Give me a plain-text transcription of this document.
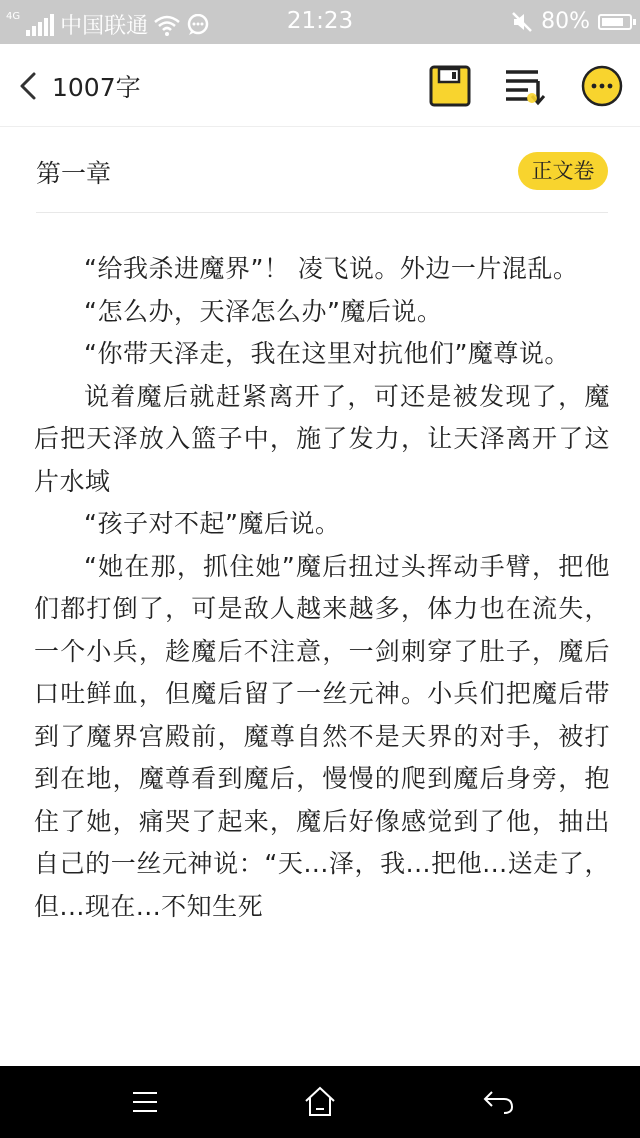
4G 中国联通	21:23	80%
1007字
第一章	正文卷

“给我杀进魔界”！ 凌飞说。外边一片混乱。

“怎么办，天泽怎么办”魔后说。

“你带天泽走，我在这里对抗他们”魔尊说。

说着魔后就赶紧离开了，可还是被发现了，魔后把天泽放入篮子中，施了发力，让天泽离开了这片水域

“孩子对不起”魔后说。

“她在那，抓住她”魔后扭过头挥动手臂，把他们都打倒了，可是敌人越来越多，体力也在流失，一个小兵，趁魔后不注意，一剑刺穿了肚子，魔后口吐鲜血，但魔后留了一丝元神。小兵们把魔后带到了魔界宫殿前，魔尊自然不是天界的对手，被打到在地，魔尊看到魔后，慢慢的爬到魔后身旁，抱住了她，痛哭了起来，魔后好像感觉到了他，抽出自己的一丝元神说：“天...泽，我...把他...送走了，但...现在...不知生死
